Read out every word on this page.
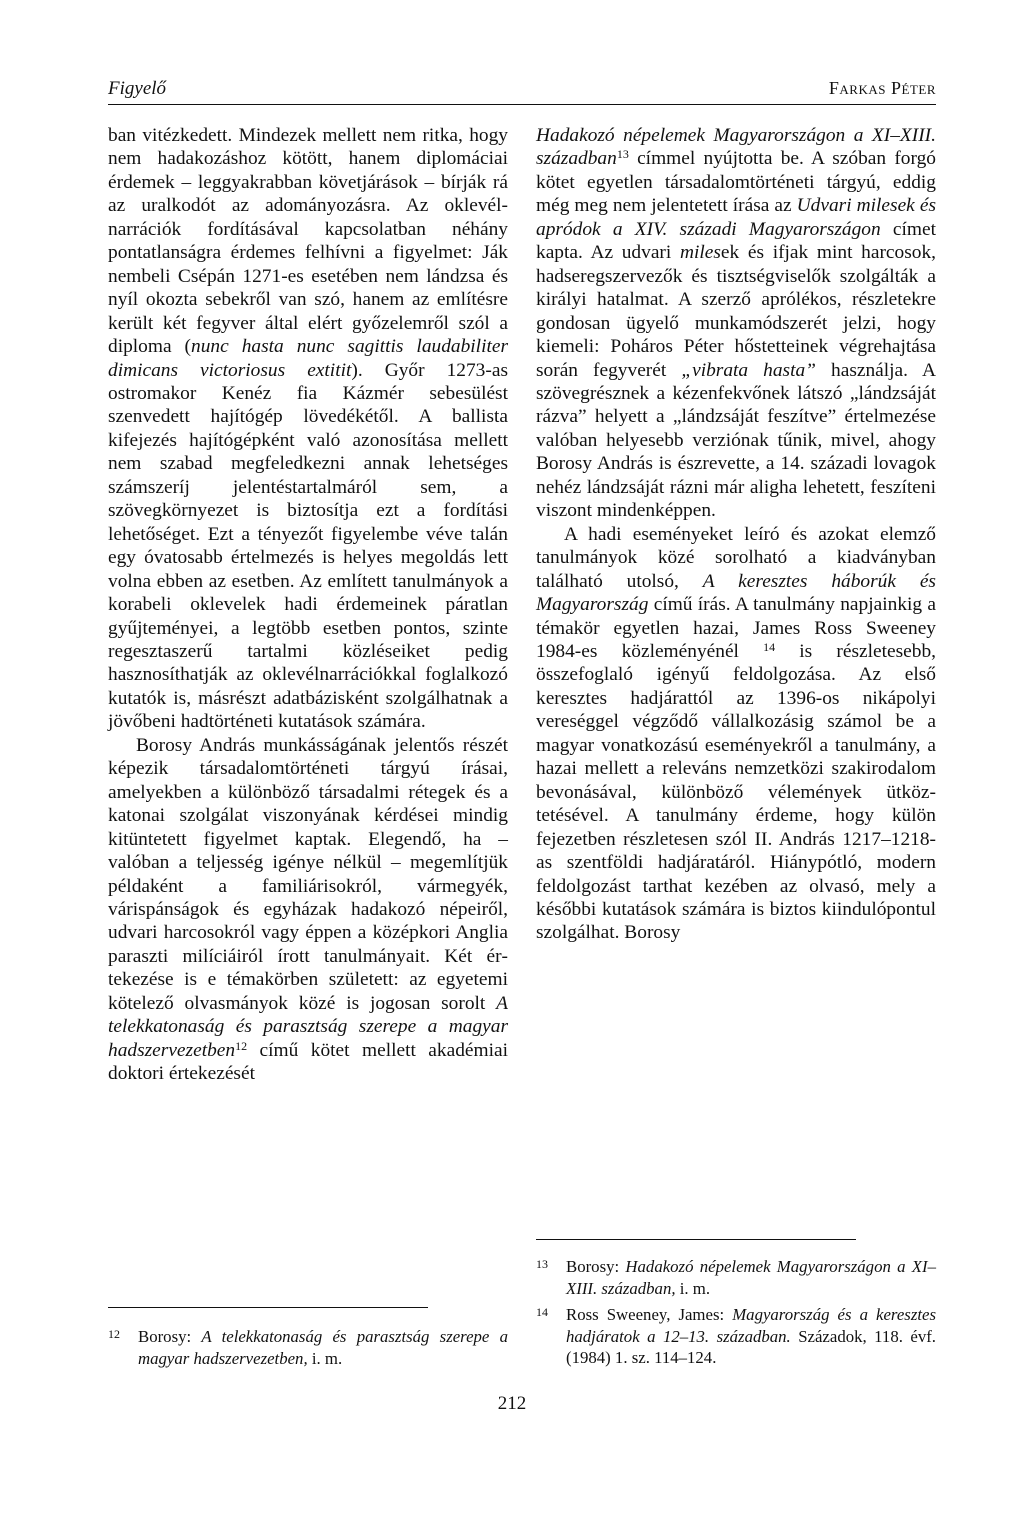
Figyelő	Farkas Péter

ban vitézkedett. Mindezek mellett nem ritka, hogy nem hadakozáshoz kötött, hanem diplomáciai érdemek – leggyakrabban követjárások – bírják rá az uralkodót az adományozásra. Az oklevél-narrációk fordításával kapcsolatban néhány pontatlanságra érdemes felhívni a figyelmet: Ják nembeli Csépán 1271-es esetében nem lándzsa és nyíl okozta sebekről van szó, hanem az említésre került két fegyver által elért győzelemről szól a diploma (nunc hasta nunc sagittis laudabiliter dimicans victoriosus extitit). Győr 1273-as ostromakor Kenéz fia Kázmér sebesülést szenvedett hajítógép lövedékétől. A ballista kifejezés hajítógépként való azonosítása mellett nem szabad megfeledkezni annak lehetséges számszeríj jelentéstartalmáról sem, a szövegkörnyezet is biztosítja ezt a fordítási lehetőséget. Ezt a tényezőt figyelembe véve talán egy óvatosabb értelmezés is helyes megoldás lett volna ebben az esetben. Az említett tanulmányok a korabeli oklevelek hadi érdemeinek páratlan gyűjteményei, a legtöbb esetben pontos, szinte regesztaszerű tartalmi közléseiket pedig hasznosíthatják az oklevélnarrációkkal foglalkozó kutatók is, másrészt adatbázisként szolgálhatnak a jövőbeni hadtörténeti kutatások számára.

Borosy András munkásságának jelentős részét képezik társadalomtörténeti tárgyú írásai, amelyekben a különböző társadalmi rétegek és a katonai szolgálat viszonyának kérdései mindig kitüntetett figyelmet kaptak. Elegendő, ha – valóban a teljesség igénye nélkül – megemlítjük példaként a familiárisokról, vármegyék, várispánságok és egyházak hadakozó népeiről, udvari harcosokról vagy éppen a középkori Anglia paraszti milíciáiról írott tanulmányait. Két értekezése is e témakörben született: az egyetemi kötelező olvasmányok közé is jogosan sorolt A telekkatonaság és parasztság szerepe a magyar hadszervezetben$^{12}$ című kötet mellett akadémiai doktori értekezését

Hadakozó népelemek Magyarországon a XI–XIII. században$^{13}$ címmel nyújtotta be. A szóban forgó kötet egyetlen társadalomtörténeti tárgyú, eddig még meg nem jelentetett írása az Udvari milesek és apródok a XIV. századi Magyarországon címet kapta. Az udvari milesek és ifjak mint harcosok, hadseregszervezők és tisztségviselők szolgálták a királyi hatalmat. A szerző aprólékos, részletekre gondosan ügyelő munkamódszerét jelzi, hogy kiemeli: Poháros Péter hőstetteinek végrehajtása során fegyverét „vibrata hasta” használja. A szövegrésznek a kézenfekvőnek látszó „lándzsáját rázva” helyett a „lándzsáját feszítve” értelmezése valóban helyesebb verziónak tűnik, mivel, ahogy Borosy András is észrevette, a 14. századi lovagok nehéz lándzsáját rázni már aligha lehetett, feszíteni viszont mindenképpen.

A hadi eseményeket leíró és azokat elemző tanulmányok közé sorolható a kiadványban található utolsó, A keresztes háborúk és Magyarország című írás. A tanulmány napjainkig a témakör egyetlen hazai, James Ross Sweeney 1984-es közleményénél $^{14}$ is részletesebb, összefoglaló igényű feldolgozása. Az első keresztes hadjárattól az 1396-os nikápolyi vereséggel végződő vállalkozásig számol be a magyar vonatkozású eseményekről a tanulmány, a hazai mellett a releváns nemzetközi szakirodalom bevonásával, különböző vélemények ütköztetésével. A tanulmány érdeme, hogy külön fejezetben részletesen szól II. András 1217–1218-as szentföldi hadjáratáról. Hiánypótló, modern feldolgozást tarthat kezében az olvasó, mely a későbbi kutatások számára is biztos kiindulópontul szolgálhat. Borosy

12	Borosy: A telekkatonaság és parasztság szerepe a magyar hadszervezetben, i. m.
13	Borosy: Hadakozó népelemek Magyarországon a XI–XIII. században, i. m.
14	Ross Sweeney, James: Magyarország és a keresztes hadjáratok a 12–13. században. Századok, 118. évf. (1984) 1. sz. 114–124.
212
